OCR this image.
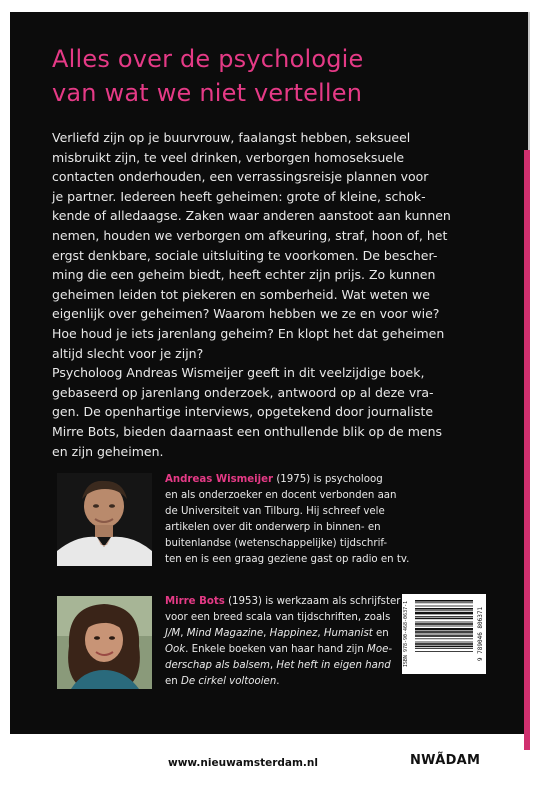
Alles over de psychologie
van wat we niet vertellen
Verliefd zijn op je buurvrouw, faalangst hebben, seksueel
misbruikt zijn, te veel drinken, verborgen homoseksuele
contacten onderhouden, een verrassingsreisje plannen voor
je partner. Iedereen heeft geheimen: grote of kleine, schok-
kende of alledaagse. Zaken waar anderen aanstoot aan kunnen
nemen, houden we verborgen om afkeuring, straf, hoon of, het
ergst denkbare, sociale uitsluiting te voorkomen. De bescher-
ming die een geheim biedt, heeft echter zijn prijs. Zo kunnen
geheimen leiden tot piekeren en somberheid. Wat weten we
eigenlijk over geheimen? Waarom hebben we ze en voor wie?
Hoe houd je iets jarenlang geheim? En klopt het dat geheimen
altijd slecht voor je zijn?
Psycholoog Andreas Wismeijer geeft in dit veelzijdige boek,
gebaseerd op jarenlang onderzoek, antwoord op al deze vra-
gen. De openhartige interviews, opgetekend door journaliste
Mirre Bots, bieden daarnaast een onthullende blik op de mens
en zijn geheimen.
Andreas Wismeijer (1975) is psycholoog
en als onderzoeker en docent verbonden aan
de Universiteit van Tilburg. Hij schreef vele
artikelen over dit onderwerp in binnen- en
buitenlandse (wetenschappelijke) tijdschrif-
ten en is een graag geziene gast op radio en tv.
Mirre Bots (1953) is werkzaam als schrijfster
voor een breed scala van tijdschriften, zoals
J/M, Mind Magazine, Happinez, Humanist en
Ook. Enkele boeken van haar hand zijn Moe-
derschap als balsem, Het heft in eigen hand
en De cirkel voltooien.
9 789046 806371
ISBN 978-90-468-0637-1
www.nieuwamsterdam.nl	NWÃDAM
